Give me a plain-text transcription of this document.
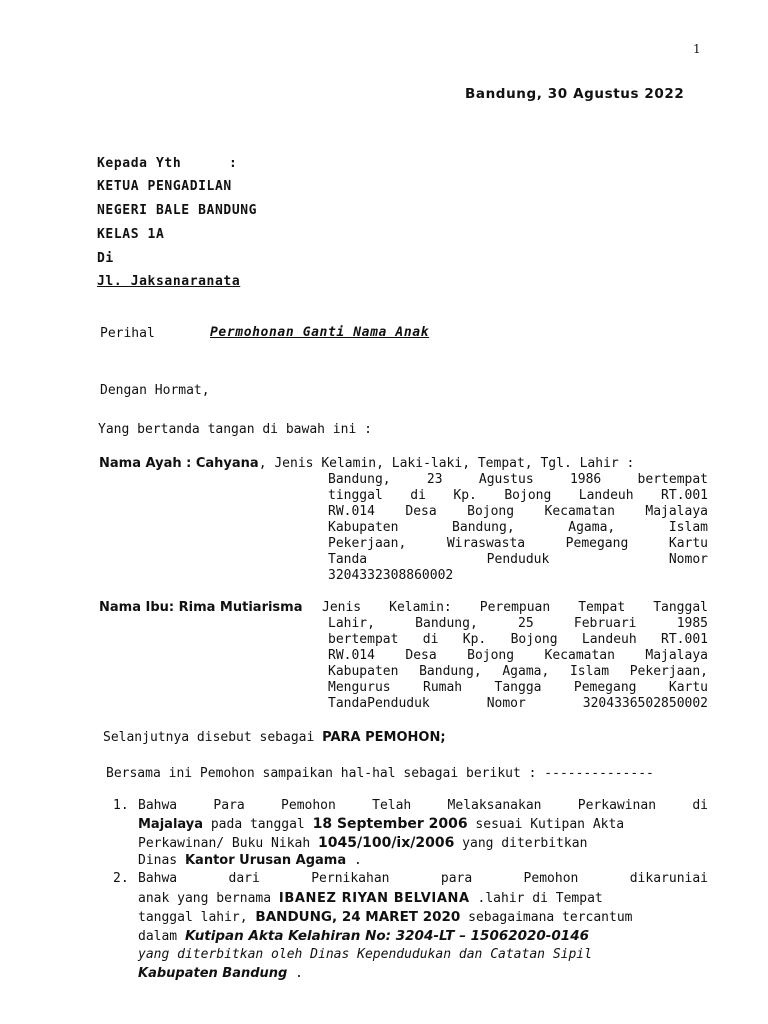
1
Bandung, 30 Agustus 2022
Kepada Yth	:
KETUA PENGADILAN
NEGERI BALE BANDUNG
KELAS 1A
Di
Jl. Jaksanaranata
Perihal	Permohonan Ganti Nama Anak
Dengan Hormat,
Yang bertanda tangan di bawah ini :
Nama Ayah : Cahyana, Jenis Kelamin, Laki-laki, Tempat, Tgl. Lahir :
Bandung, 23 Agustus 1986 bertempat
tinggal di Kp. Bojong Landeuh RT.001
RW.014 Desa Bojong Kecamatan Majalaya
Kabupaten Bandung, Agama, Islam
Pekerjaan, Wiraswasta Pemegang Kartu
Tanda Penduduk Nomor
3204332308860002
Nama Ibu: Rima Mutiarisma Jenis Kelamin: Perempuan Tempat Tanggal
Lahir, Bandung, 25 Februari 1985
bertempat di Kp. Bojong Landeuh RT.001
RW.014 Desa Bojong Kecamatan Majalaya
Kabupaten Bandung, Agama, Islam Pekerjaan,
Mengurus Rumah Tangga Pemegang Kartu
TandaPenduduk Nomor 3204336502850002
Selanjutnya disebut sebagai PARA PEMOHON;
Bersama ini Pemohon sampaikan hal-hal sebagai berikut : --------------
1. Bahwa Para Pemohon Telah Melaksanakan Perkawinan di
Majalaya pada tanggal 18 September 2006 sesuai Kutipan Akta
Perkawinan/ Buku Nikah 1045/100/ix/2006 yang diterbitkan
Dinas Kantor Urusan Agama .
2. Bahwa dari Pernikahan para Pemohon dikaruniai
anak yang bernama IBANEZ RIYAN BELVIANA .lahir di Tempat
tanggal lahir, BANDUNG, 24 MARET 2020 sebagaimana tercantum
dalam Kutipan Akta Kelahiran No: 3204-LT – 15062020-0146
yang diterbitkan oleh Dinas Kependudukan dan Catatan Sipil
Kabupaten Bandung .
